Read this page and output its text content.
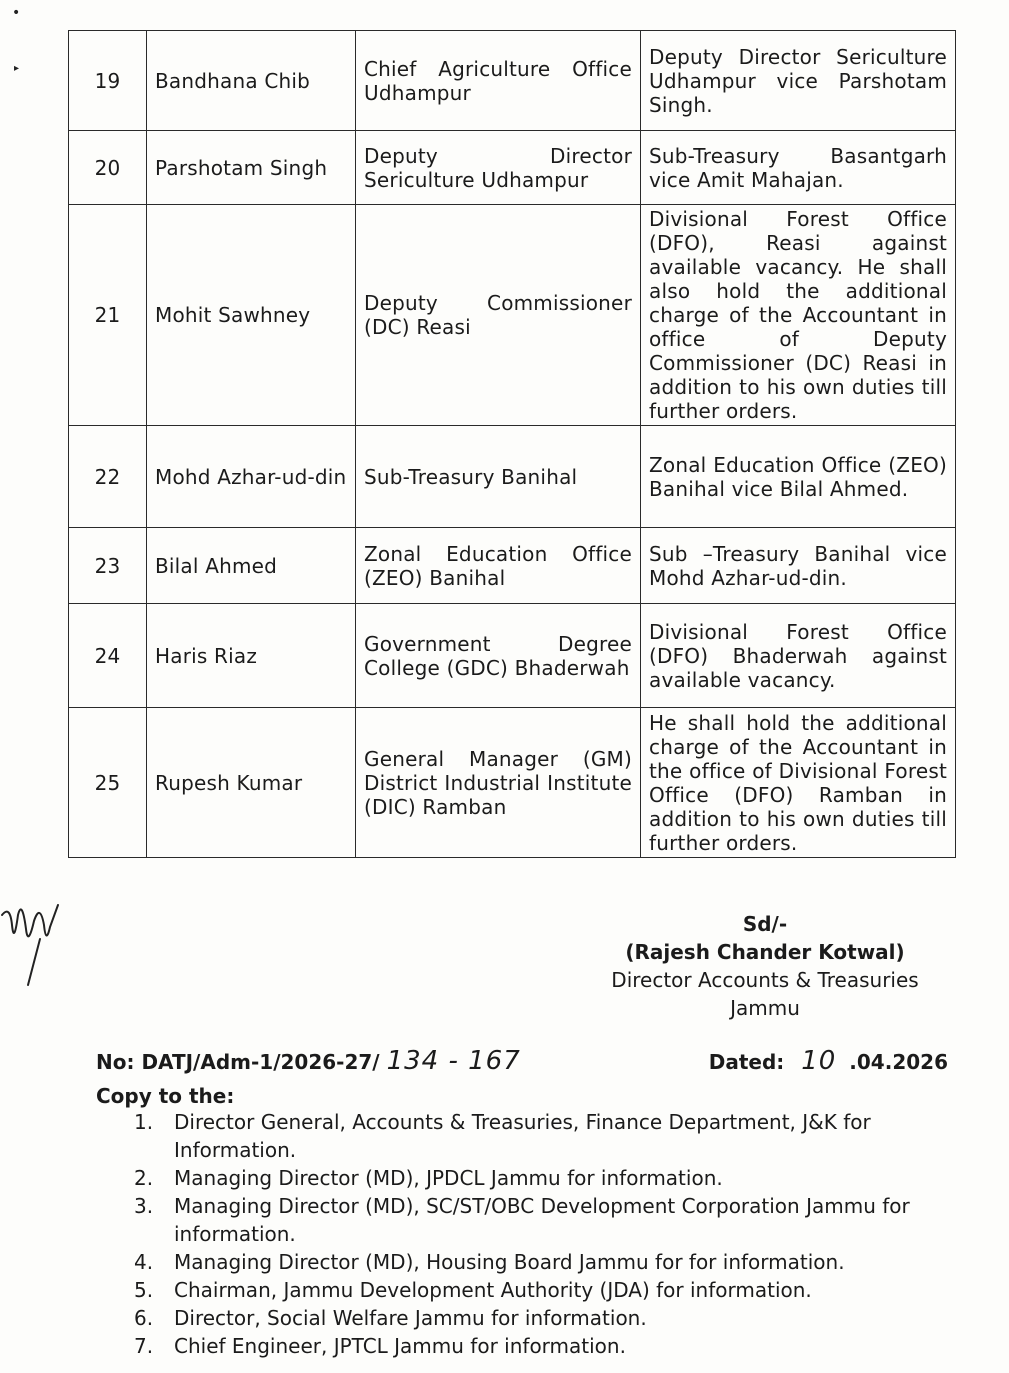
•
▸	19	Bandhana Chib	Chief Agriculture Office Udhampur	Deputy Director Sericulture Udhampur vice Parshotam Singh.
20	Parshotam Singh	Deputy Director Sericulture Udhampur	Sub-Treasury Basantgarh vice Amit Mahajan.
21	Mohit Sawhney	Deputy Commissioner (DC) Reasi	Divisional Forest Office (DFO), Reasi against available vacancy. He shall also hold the additional charge of the Accountant in office of Deputy Commissioner (DC) Reasi in addition to his own duties till further orders.
22	Mohd Azhar-ud-din	Sub-Treasury Banihal	Zonal Education Office (ZEO) Banihal vice Bilal Ahmed.
23	Bilal Ahmed	Zonal Education Office (ZEO) Banihal	Sub –Treasury Banihal vice Mohd Azhar-ud-din.
24	Haris Riaz	Government Degree College (GDC) Bhaderwah	Divisional Forest Office (DFO) Bhaderwah against available vacancy.
25	Rupesh Kumar	General Manager (GM) District Industrial Institute (DIC) Ramban	He shall hold the additional charge of the Accountant in the office of Divisional Forest Office (DFO) Ramban in addition to his own duties till further orders.
Sd/-
(Rajesh Chander Kotwal)
Director Accounts & Treasuries
Jammu
No: DATJ/Adm-1/2026-27/ 134 - 167	Dated: 10 .04.2026
Copy to the:
1. Director General, Accounts & Treasuries, Finance Department, J&K for Information.
2. Managing Director (MD), JPDCL Jammu for information.
3. Managing Director (MD), SC/ST/OBC Development Corporation Jammu for information.
4. Managing Director (MD), Housing Board Jammu for for information.
5. Chairman, Jammu Development Authority (JDA) for information.
6. Director, Social Welfare Jammu for information.
7. Chief Engineer, JPTCL Jammu for information.
